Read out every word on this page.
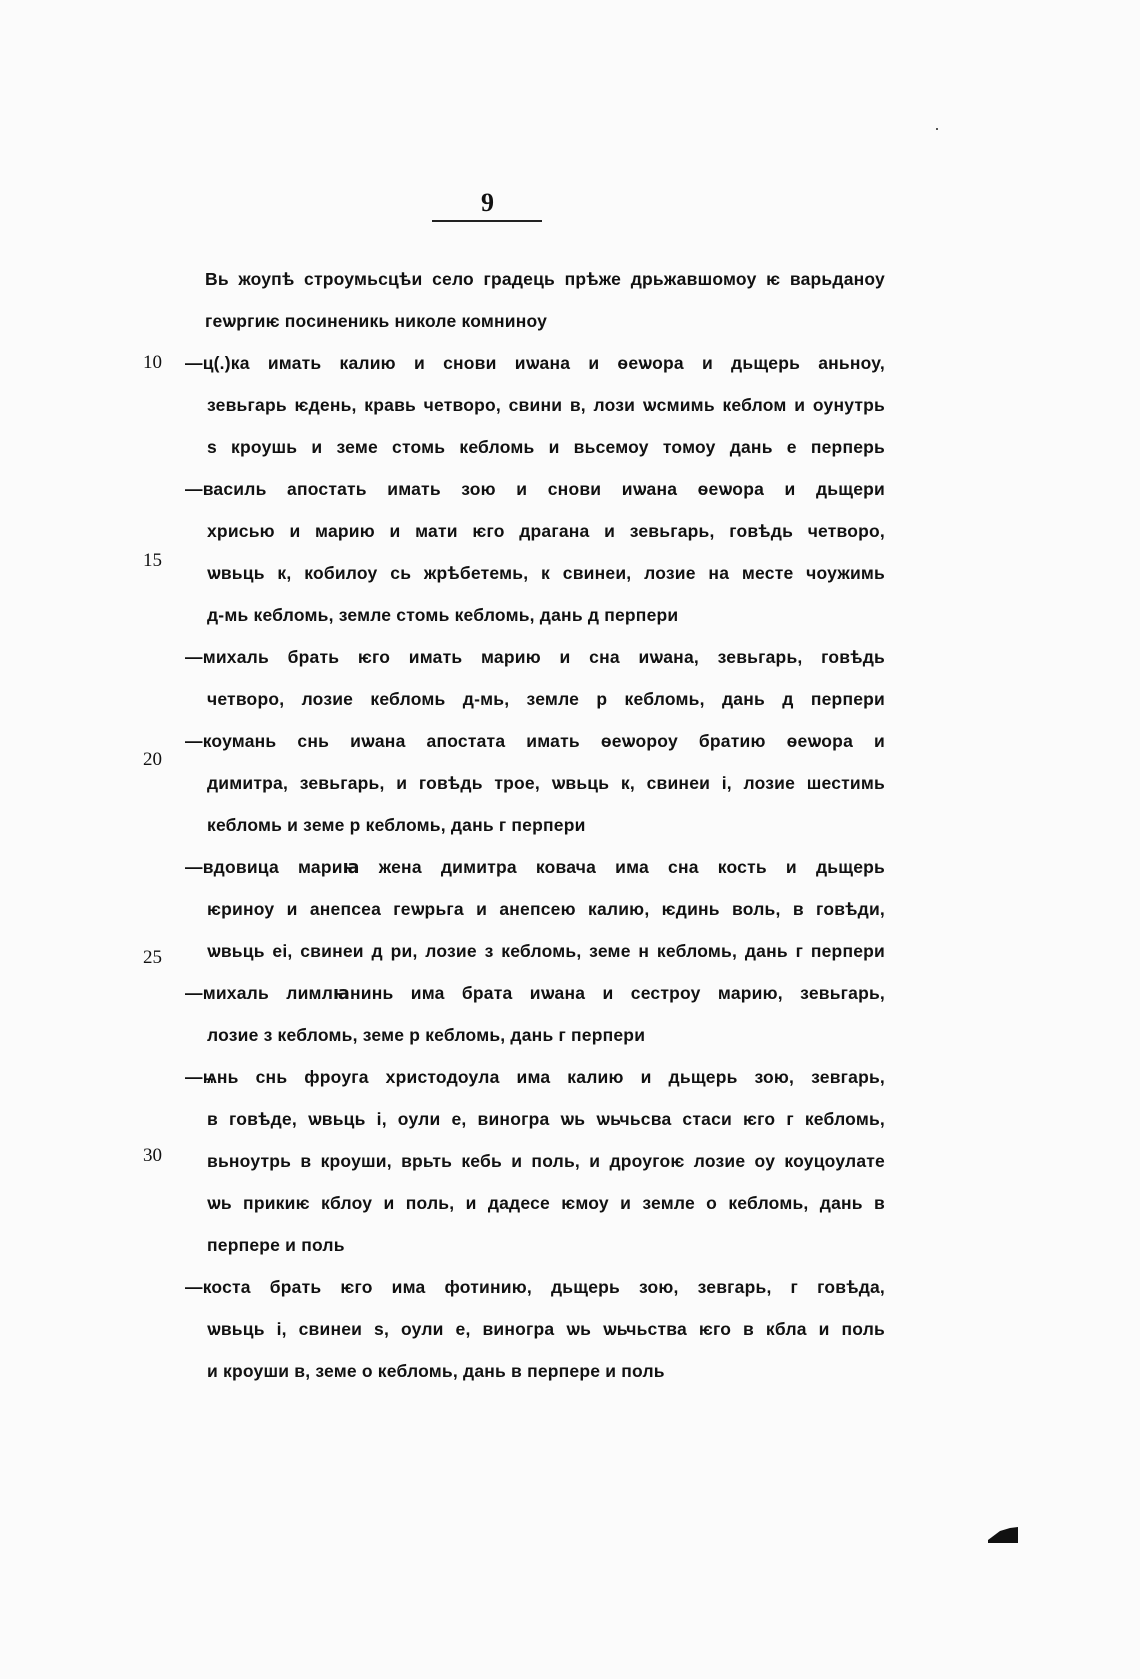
9
10
15
20
25
30
Вь жоупѣ строумьсцѣи село градець прѣже дрьжавшомоу ѥ варьданоу
геѡргиѥ посиненикь николе комниноу
—ц(.)ка имать калию и снови иѡана и ѳеѡора и дьщерь аньноу,
зевьгарь ѥдень, кравь четворо, свини в, лози ѡсмимь кеблом и оунутрь
ѕ кроушь и земе стомь кебломь и вьсемоу томоу дань е перперь
—василь апостать имать зою и снови иѡана ѳеѡора и дьщери
хрисью и марию и мати ѥго драгана и зевьгарь, говѣдь четворо,
ѡвьць к, кобилоу сь жрѣбетемь, к свинеи, лозие на месте чоужимь
д-мь кебломь, земле стомь кебломь, дань д перпери
—михаль брать ѥго имать марию и сна иѡана, зевьгарь, говѣдь
четворо, лозие кебломь д-мь, земле р кебломь, дань д перпери
—коумань снь иѡана апостата имать ѳеѡороу братию ѳеѡора и
димитра, зевьгарь, и говѣдь трое, ѡвьць к, свинеи і, лозие шестимь
кебломь и земе р кебломь, дань г перпери
—вдовица мариꙗ жена димитра ковача има сна кость и дьщерь
ѥриноу и анепсеа геѡрьга и анепсею калию, ѥдинь воль, в говѣди,
ѡвьць еі, свинеи д ри, лозие з кебломь, земе н кебломь, дань г перпери
—михаль лимлꙗнинь има брата иѡана и сестроу марию, зевьгарь,
лозие з кебломь, земе р кебломь, дань г перпери
—ѩнь снь фроуга христодоула има калию и дьщерь зою, зевгарь,
в говѣде, ѡвьць і, оули е, виногра ѡь ѡьчьсва стаси ѥго г кебломь,
вьноутрь в кроуши, врьть кебь и поль, и дроугоѥ лозие оу коуцоулате
ѡь прикиѥ кблоу и поль, и дадесе ѥмоу и земле о кебломь, дань в
перпере и поль
—коста брать ѥго има фотинию, дьщерь зою, зевгарь, г говѣда,
ѡвьць і, свинеи ѕ, оули е, виногра ѡь ѡьчьства ѥго в кбла и поль
и кроуши в, земе о кебломь, дань в перпере и поль
